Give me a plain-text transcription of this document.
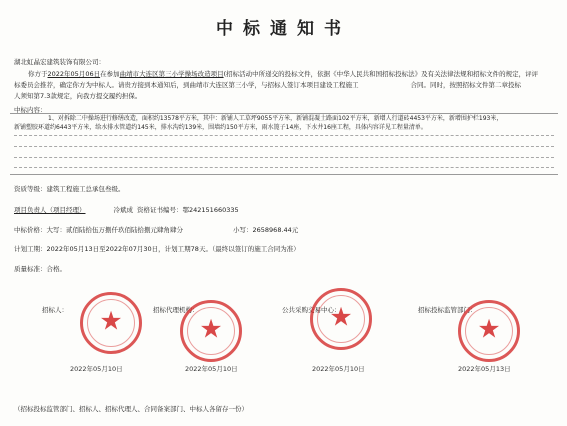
中标通知书
湖北虹晶宏建筑装饰有限公司：
你方于2022年05月06日在参加曲靖市大连区第三小学操场改造项目(招标活动中所递交的投标文件，依据《中华人民共和国招标投标法》及有关法律法规和招标文件的规定，评评
标委员会推荐，确定你方为中标人。请贵方接到本通知后，到曲靖市大连区第三小学，与招标人签订本项目建设工程施工	合同。同时，按照招标文件第二章投标
人须知第7.3款规定，向我方提交履约担保。
中标内容：
1、对拆除二中操场进行修缮改造，面积约13578平方米，其中：新铺人工草坪9055平方米，新铺混凝土路面102平方米，新增人行道砖4453平方米，新增围护栏193米，
新铺塑胶环道约6443平方米，给水排水管道约145米，排水沟约139米，围墙约150平方米，雨水篦子14座，下水井16座工程，具体内容详见工程量清单。
资质等级：建筑工程施工总承包叁级。
项目负责人（项目经理）	冷斌成 资格证书编号：鄂242151660335
中标价格：大写：贰佰陆拾伍万捌仟玖佰陆拾捌元肆角肆分	小写：2658968.44元
计划工期：2022年05月13日至2022年07月30日，计划工期78天。（最终以签订的施工合同为准）
质量标准：合格。
招标人：	招标代理机构：	公共采购交易中心：	招标投标监管部门：
★	★	★	★
2022年05月10日	2022年05月10日	2022年05月10日	2022年05月13日
（招标投标监管部门、招标人、招标代理人、合同备案部门、中标人各留存一份）
